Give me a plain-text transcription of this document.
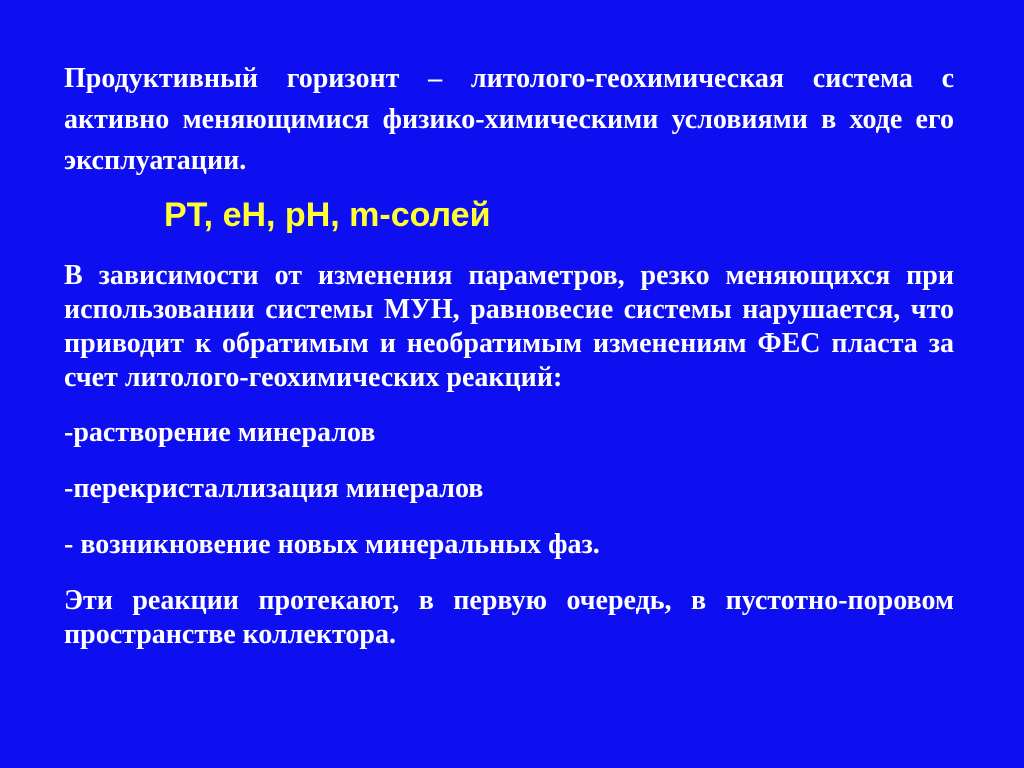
Продуктивный горизонт – литолого-геохимическая система с активно меняющимися физико-химическими условиями в ходе его эксплуатации.

PT, eH, pH, m-солей

В зависимости от изменения параметров, резко меняющихся при использовании системы МУН, равновесие системы нарушается, что приводит к обратимым и необратимым изменениям ФЕС пласта за счет литолого-геохимических реакций:

-растворение минералов

-перекристаллизация минералов

- возникновение новых минеральных фаз.

Эти реакции протекают, в первую очередь, в пустотно-поровом пространстве коллектора.
